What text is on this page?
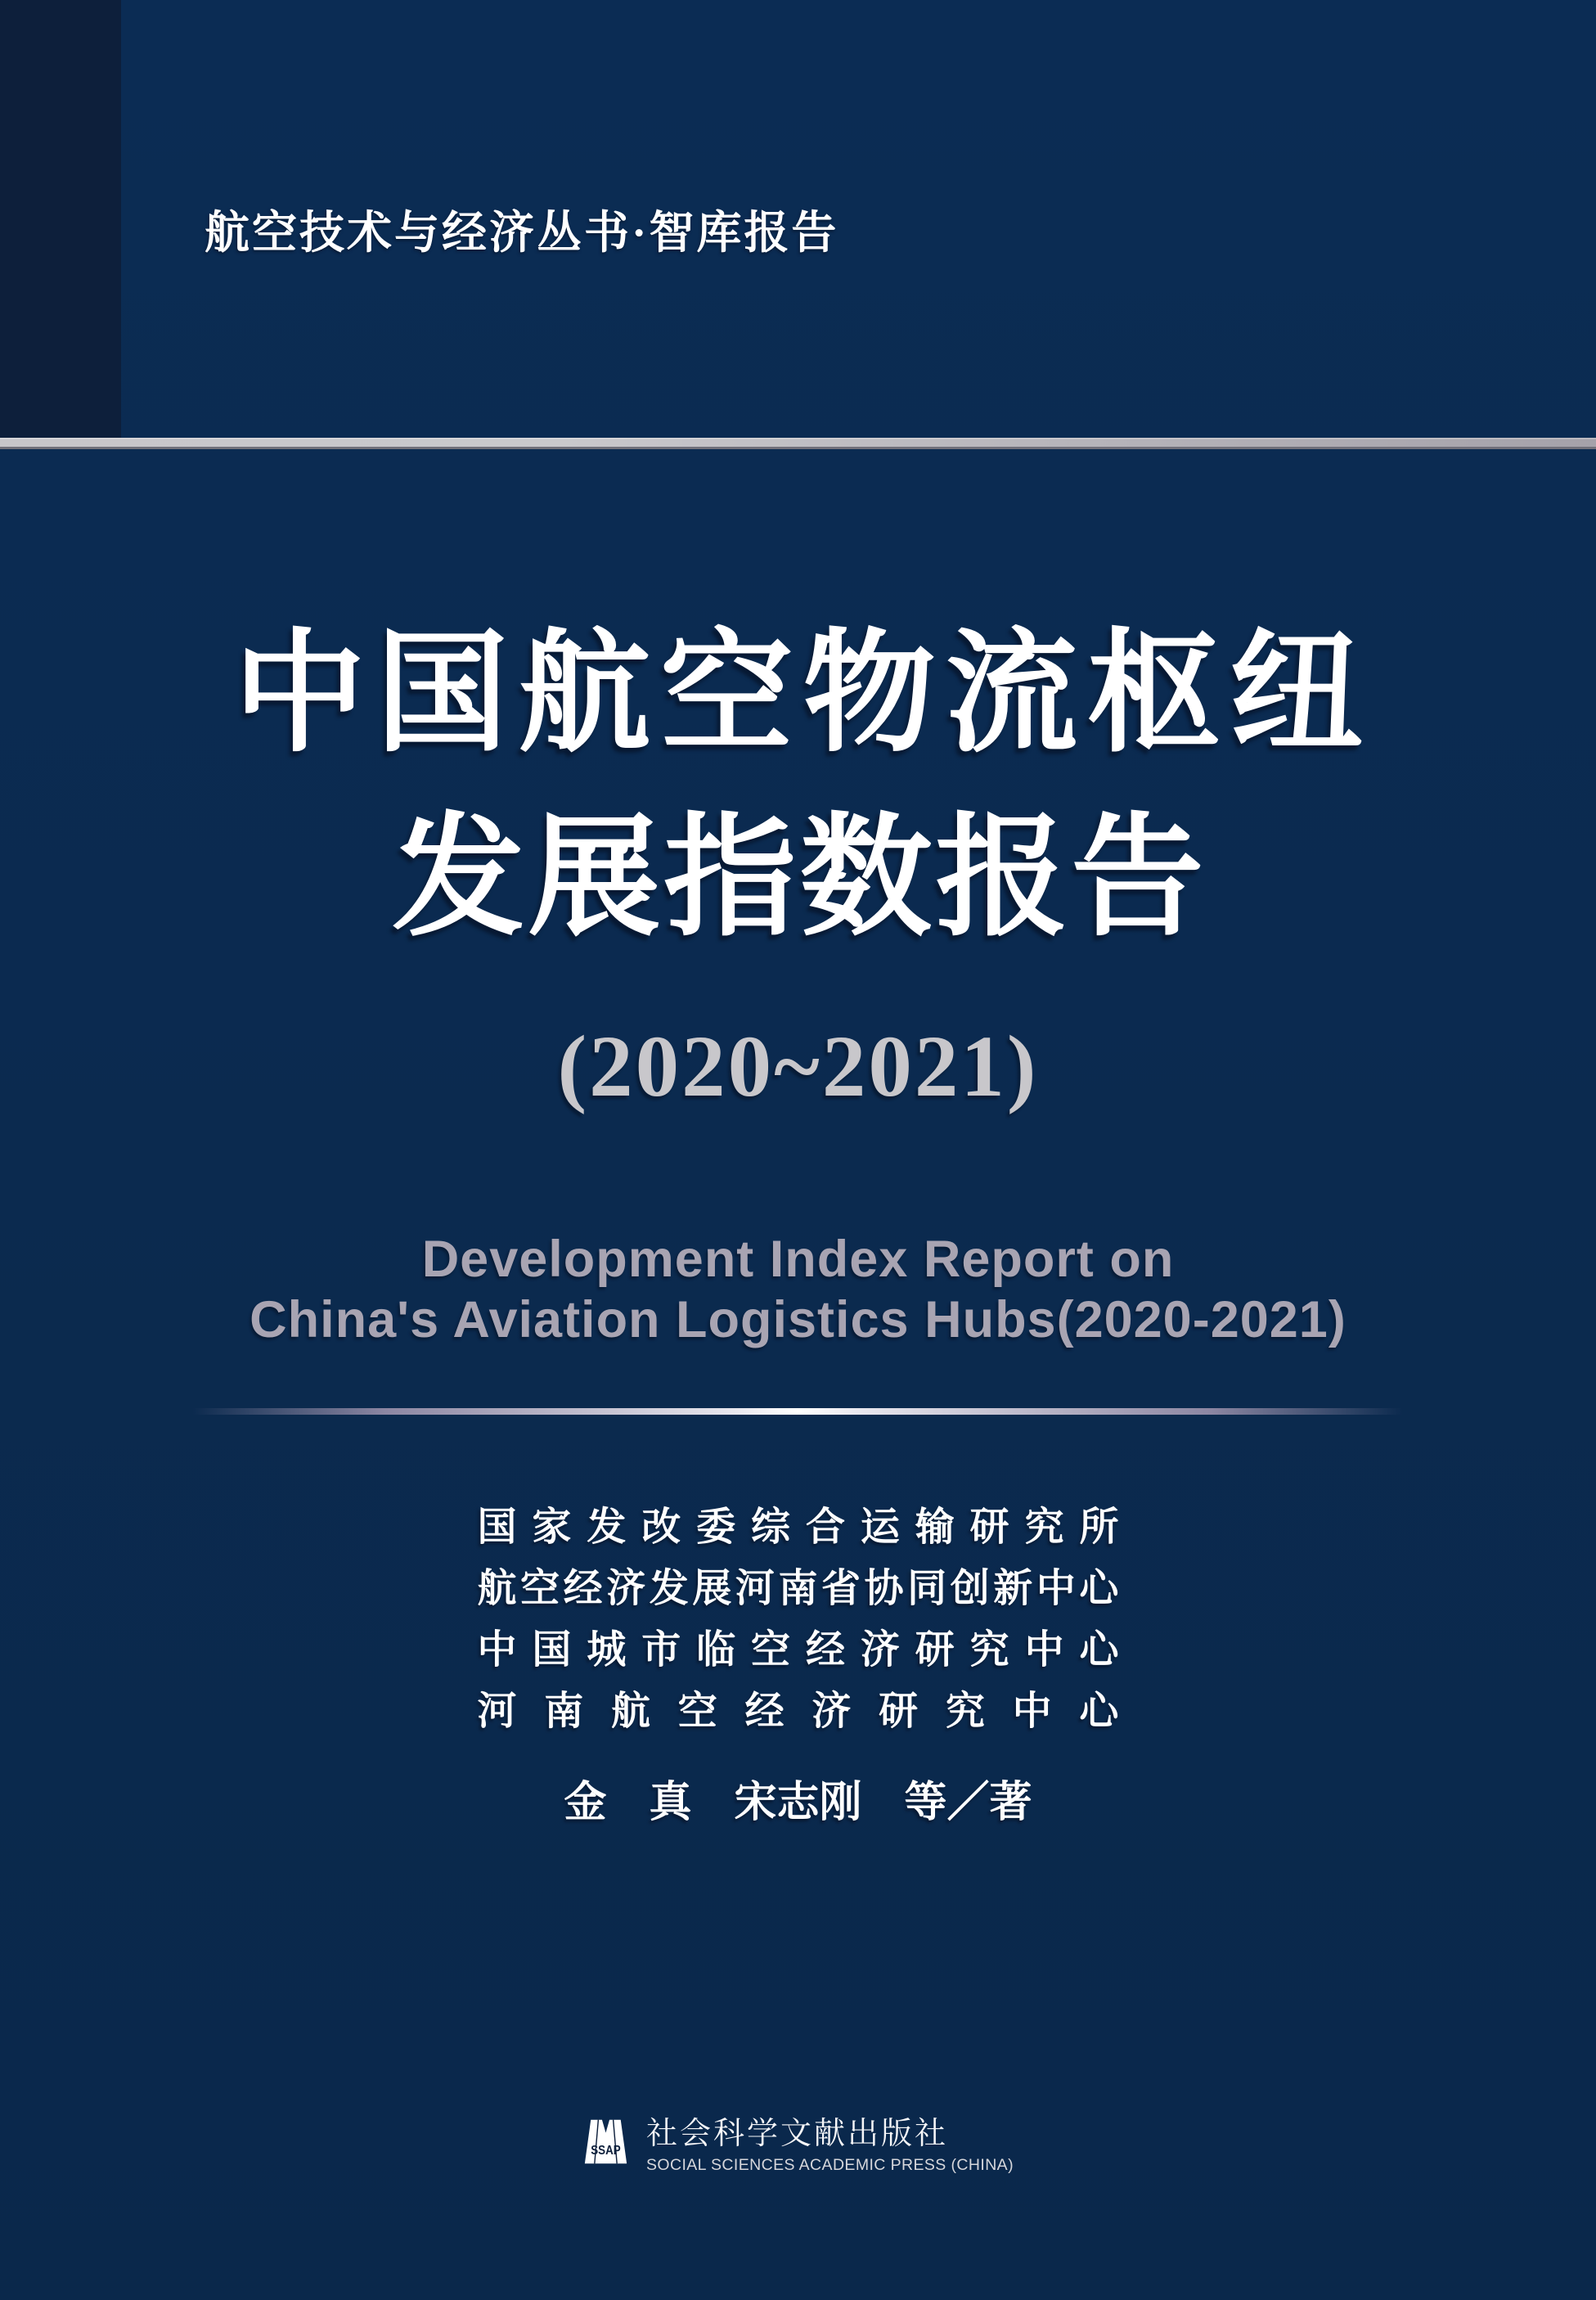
航空技术与经济丛书·智库报告
中国航空物流枢纽
发展指数报告
(2020~2021)
Development Index Report on
China's Aviation Logistics Hubs(2020-2021)
国 家 发 改 委 综 合 运 输 研 究 所
航 空 经 济 发 展 河 南 省 协 同 创 新 中 心
中 国 城 市 临 空 经 济 研 究 中 心
河 南 航 空 经 济 研 究 中 心
金　真　宋志刚　等／著
SSAP 社会科学文献出版社
SOCIAL SCIENCES ACADEMIC PRESS (CHINA)
